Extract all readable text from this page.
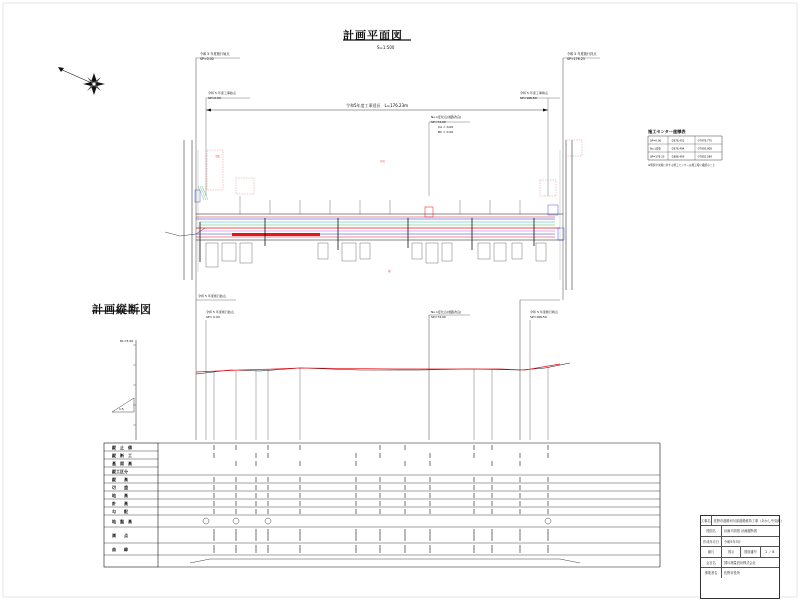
令和 5 年度施行始点
SP=0.00
令和 5 年度施行終点
SP=176.23
令和 5 年度工事始点
SP=0.00
令和 5 年度工事終点
SP=166.59
No.1変化点(道路改良)
SP=73.00
CA = 0.00
BC = 0.00
令和5年度工事延長　L=176.23m
宅地
水田
畑
施工センター座標表
SP=0.00	-2876.431	-37978.775
No.1変化	-2876.404	-37905.808
SP=176.23	-2886.459	-37802.589
※現況中央線に対する施工センターは施工時に確認のこと
令和 5 年度施行始点
令和 5 年度施行始点
SP= 0.00
No.1変化点(道路改良)
SP=73.00
令和 5 年度施行終点
SP=166.59
DL=5.00
1:5
縦　止　値
縦　断　工
基　面　高
縦工区分
縦　　高
切　　盛
地　　高
計　　高
勾　　配
地　盤　高
測　　点
曲　　線
計画平面図
S=1:500
計画縦断図
工事名 佐野市道路河川部道路維持工事（あかし中央線）
図面名	計画平面図 計画縦断図
作成年月日	令和5年3月
縮尺	図示	図面番号	1 ／ 8
会社名	国川測量設計株式会社
事業者名	佐野市役所
